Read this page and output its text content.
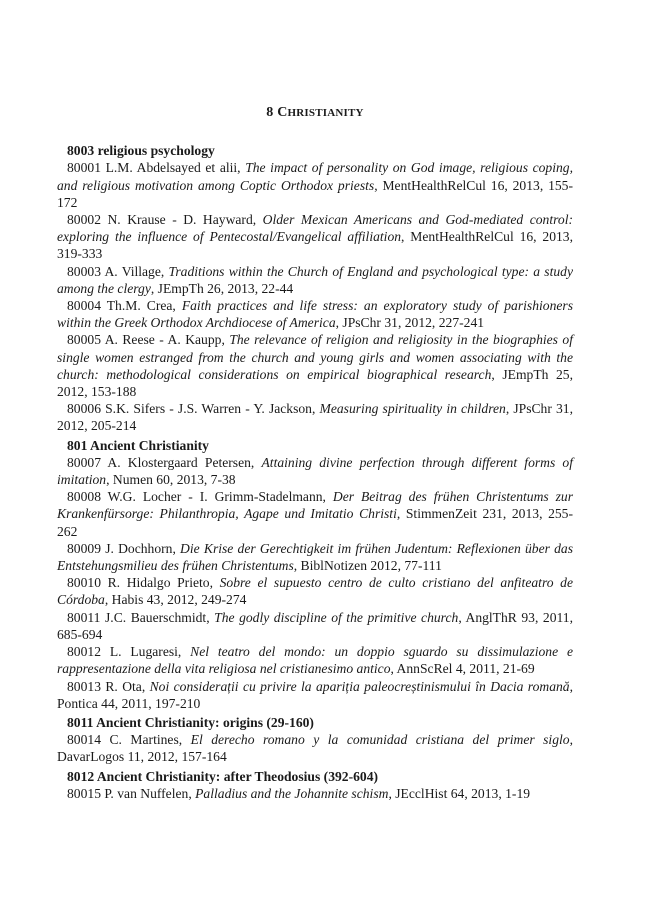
8 CHRISTIANITY
8003 religious psychology
80001 L.M. Abdelsayed et alii, The impact of personality on God image, religious coping, and religious motivation among Coptic Orthodox priests, MentHealthRelCul 16, 2013, 155-172
80002 N. Krause - D. Hayward, Older Mexican Americans and God-mediated control: exploring the influence of Pentecostal/Evangelical affiliation, MentHealthRelCul 16, 2013, 319-333
80003 A. Village, Traditions within the Church of England and psychological type: a study among the clergy, JEmpTh 26, 2013, 22-44
80004 Th.M. Crea, Faith practices and life stress: an exploratory study of parishioners within the Greek Orthodox Archdiocese of America, JPsChr 31, 2012, 227-241
80005 A. Reese - A. Kaupp, The relevance of religion and religiosity in the biographies of single women estranged from the church and young girls and women associating with the church: methodological considerations on empirical biographical research, JEmpTh 25, 2012, 153-188
80006 S.K. Sifers - J.S. Warren - Y. Jackson, Measuring spirituality in children, JPsChr 31, 2012, 205-214
801 Ancient Christianity
80007 A. Klostergaard Petersen, Attaining divine perfection through different forms of imitation, Numen 60, 2013, 7-38
80008 W.G. Locher - I. Grimm-Stadelmann, Der Beitrag des frühen Christentums zur Krankenfürsorge: Philanthropia, Agape und Imitatio Christi, StimmenZeit 231, 2013, 255-262
80009 J. Dochhorn, Die Krise der Gerechtigkeit im frühen Judentum: Reflexionen über das Entstehungsmilieu des frühen Christentums, BiblNotizen 2012, 77-111
80010 R. Hidalgo Prieto, Sobre el supuesto centro de culto cristiano del anfiteatro de Córdoba, Habis 43, 2012, 249-274
80011 J.C. Bauerschmidt, The godly discipline of the primitive church, AnglThR 93, 2011, 685-694
80012 L. Lugaresi, Nel teatro del mondo: un doppio sguardo su dissimulazione e rappresentazione della vita religiosa nel cristianesimo antico, AnnScRel 4, 2011, 21-69
80013 R. Ota, Noi considerații cu privire la apariția paleocreștinismului în Dacia romană, Pontica 44, 2011, 197-210
8011 Ancient Christianity: origins (29-160)
80014 C. Martines, El derecho romano y la comunidad cristiana del primer siglo, DavarLogos 11, 2012, 157-164
8012 Ancient Christianity: after Theodosius (392-604)
80015 P. van Nuffelen, Palladius and the Johannite schism, JEcclHist 64, 2013, 1-19
